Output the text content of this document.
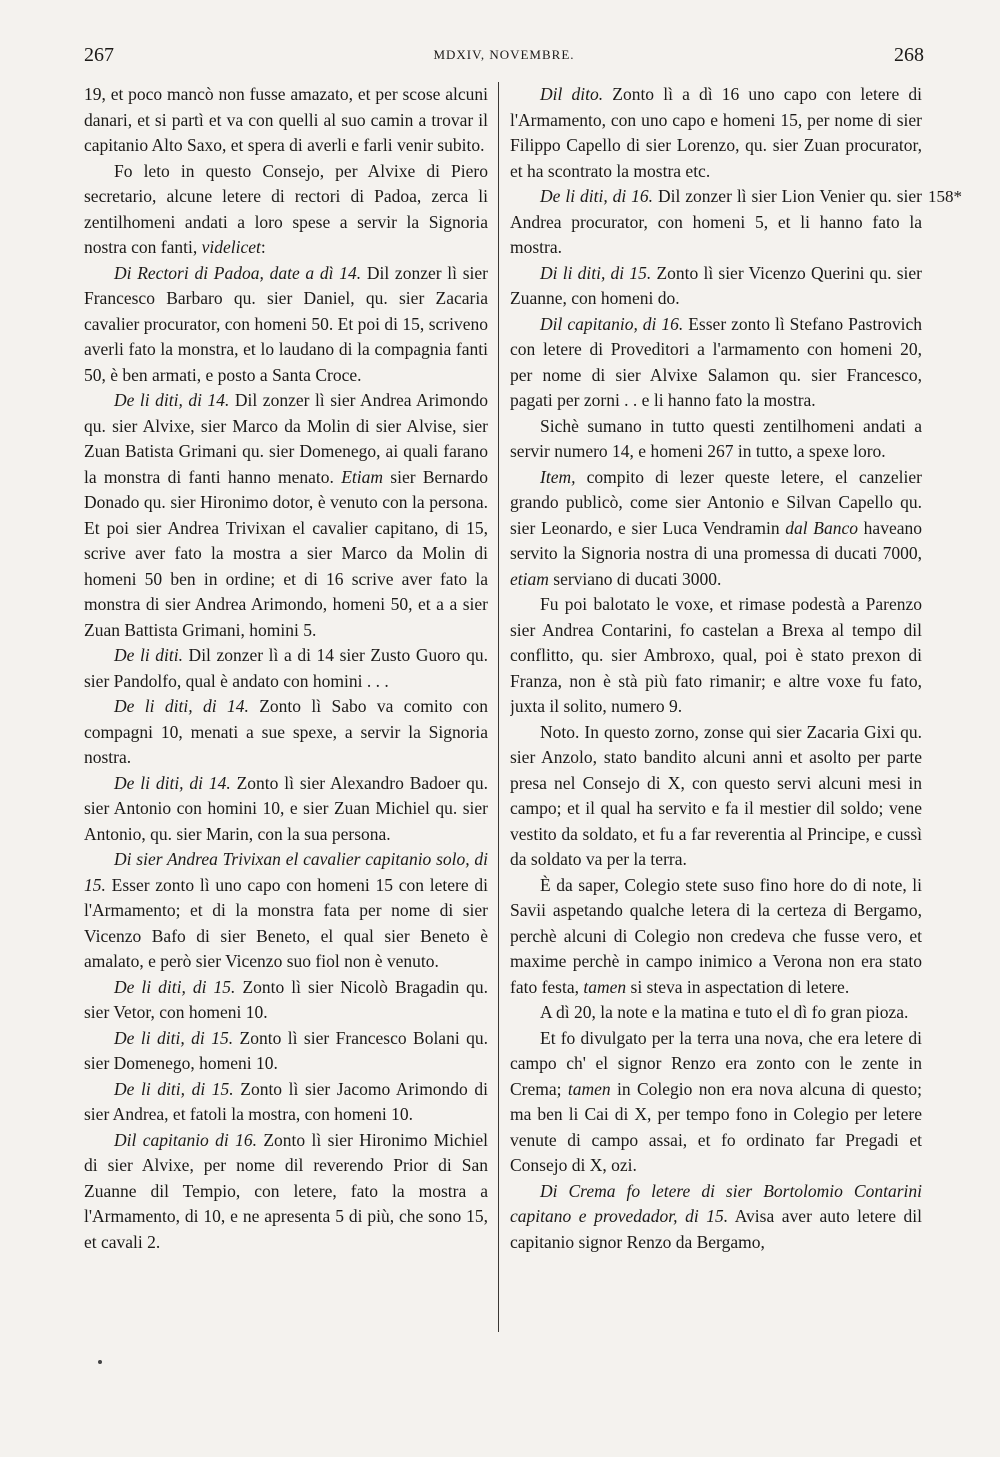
267	MDXIV, NOVEMBRE.	268

19, et poco mancò non fusse amazato, et per scose alcuni danari, et si partì et va con quelli al suo camin a trovar il capitanio Alto Saxo, et spera di averli e farli venir subito.

Fo leto in questo Consejo, per Alvixe di Piero secretario, alcune letere di rectori di Padoa, zerca li zentilhomeni andati a loro spese a servir la Signoria nostra con fanti, videlicet:

Di Rectori di Padoa, date a dì 14. Dil zonzer lì sier Francesco Barbaro qu. sier Daniel, qu. sier Zacaria cavalier procurator, con homeni 50. Et poi di 15, scriveno averli fato la monstra, et lo laudano di la compagnia fanti 50, è ben armati, e posto a Santa Croce.

De li diti, di 14. Dil zonzer lì sier Andrea Arimondo qu. sier Alvixe, sier Marco da Molin di sier Alvise, sier Zuan Batista Grimani qu. sier Domenego, ai quali farano la monstra di fanti hanno menato. Etiam sier Bernardo Donado qu. sier Hironimo dotor, è venuto con la persona. Et poi sier Andrea Trivixan el cavalier capitano, di 15, scrive aver fato la mostra a sier Marco da Molin di homeni 50 ben in ordine; et di 16 scrive aver fato la monstra di sier Andrea Arimondo, homeni 50, et a a sier Zuan Battista Grimani, homini 5.

De li diti. Dil zonzer lì a di 14 sier Zusto Guoro qu. sier Pandolfo, qual è andato con homini . . .

De li diti, di 14. Zonto lì Sabo va comito con compagni 10, menati a sue spexe, a servir la Signoria nostra.

De li diti, di 14. Zonto lì sier Alexandro Badoer qu. sier Antonio con homini 10, e sier Zuan Michiel qu. sier Antonio, qu. sier Marin, con la sua persona.

Di sier Andrea Trivixan el cavalier capitanio solo, di 15. Esser zonto lì uno capo con homeni 15 con letere di l'Armamento; et di la monstra fata per nome di sier Vicenzo Bafo di sier Beneto, el qual sier Beneto è amalato, e però sier Vicenzo suo fiol non è venuto.

De li diti, di 15. Zonto lì sier Nicolò Bragadin qu. sier Vetor, con homeni 10.

De li diti, di 15. Zonto lì sier Francesco Bolani qu. sier Domenego, homeni 10.

De li diti, di 15. Zonto lì sier Jacomo Arimondo di sier Andrea, et fatoli la mostra, con homeni 10.

Dil capitanio di 16. Zonto lì sier Hironimo Michiel di sier Alvixe, per nome dil reverendo Prior di San Zuanne dil Tempio, con letere, fato la mostra a l'Armamento, di 10, e ne apresenta 5 di più, che sono 15, et cavali 2.

Dil dito. Zonto lì a dì 16 uno capo con letere di l'Armamento, con uno capo e homeni 15, per nome di sier Filippo Capello di sier Lorenzo, qu. sier Zuan procurator, et ha scontrato la mostra etc.

De li diti, di 16. Dil zonzer lì sier Lion Venier qu. sier Andrea procurator, con homeni 5, et li hanno fato la mostra.

Di li diti, di 15. Zonto lì sier Vicenzo Querini qu. sier Zuanne, con homeni do.

Dil capitanio, di 16. Esser zonto lì Stefano Pastrovich con letere di Proveditori a l'armamento con homeni 20, per nome di sier Alvixe Salamon qu. sier Francesco, pagati per zorni . . e li hanno fato la mostra.

Sichè sumano in tutto questi zentilhomeni andati a servir numero 14, e homeni 267 in tutto, a spexe loro.

Item, compito di lezer queste letere, el canzelier grando publicò, come sier Antonio e Silvan Capello qu. sier Leonardo, e sier Luca Vendramin dal Banco haveano servito la Signoria nostra di una promessa di ducati 7000, etiam serviano di ducati 3000.

Fu poi balotato le voxe, et rimase podestà a Parenzo sier Andrea Contarini, fo castelan a Brexa al tempo dil conflitto, qu. sier Ambroxo, qual, poi è stato prexon di Franza, non è stà più fato rimanir; e altre voxe fu fato, juxta il solito, numero 9.

Noto. In questo zorno, zonse qui sier Zacaria Gixi qu. sier Anzolo, stato bandito alcuni anni et asolto per parte presa nel Consejo di X, con questo servi alcuni mesi in campo; et il qual ha servito e fa il mestier dil soldo; vene vestito da soldato, et fu a far reverentia al Principe, e cussì da soldato va per la terra.

È da saper, Colegio stete suso fino hore do di note, li Savii aspetando qualche letera di la certeza di Bergamo, perchè alcuni di Colegio non credeva che fusse vero, et maxime perchè in campo inimico a Verona non era stato fato festa, tamen si steva in aspectation di letere.

A dì 20, la note e la matina e tuto el dì fo gran pioza.

Et fo divulgato per la terra una nova, che era letere di campo ch' el signor Renzo era zonto con le zente in Crema; tamen in Colegio non era nova alcuna di questo; ma ben li Cai di X, per tempo fono in Colegio per letere venute di campo assai, et fo ordinato far Pregadi et Consejo di X, ozi.

Di Crema fo letere di sier Bortolomio Contarini capitano e provedador, di 15. Avisa aver auto letere dil capitanio signor Renzo da Bergamo,

158*
